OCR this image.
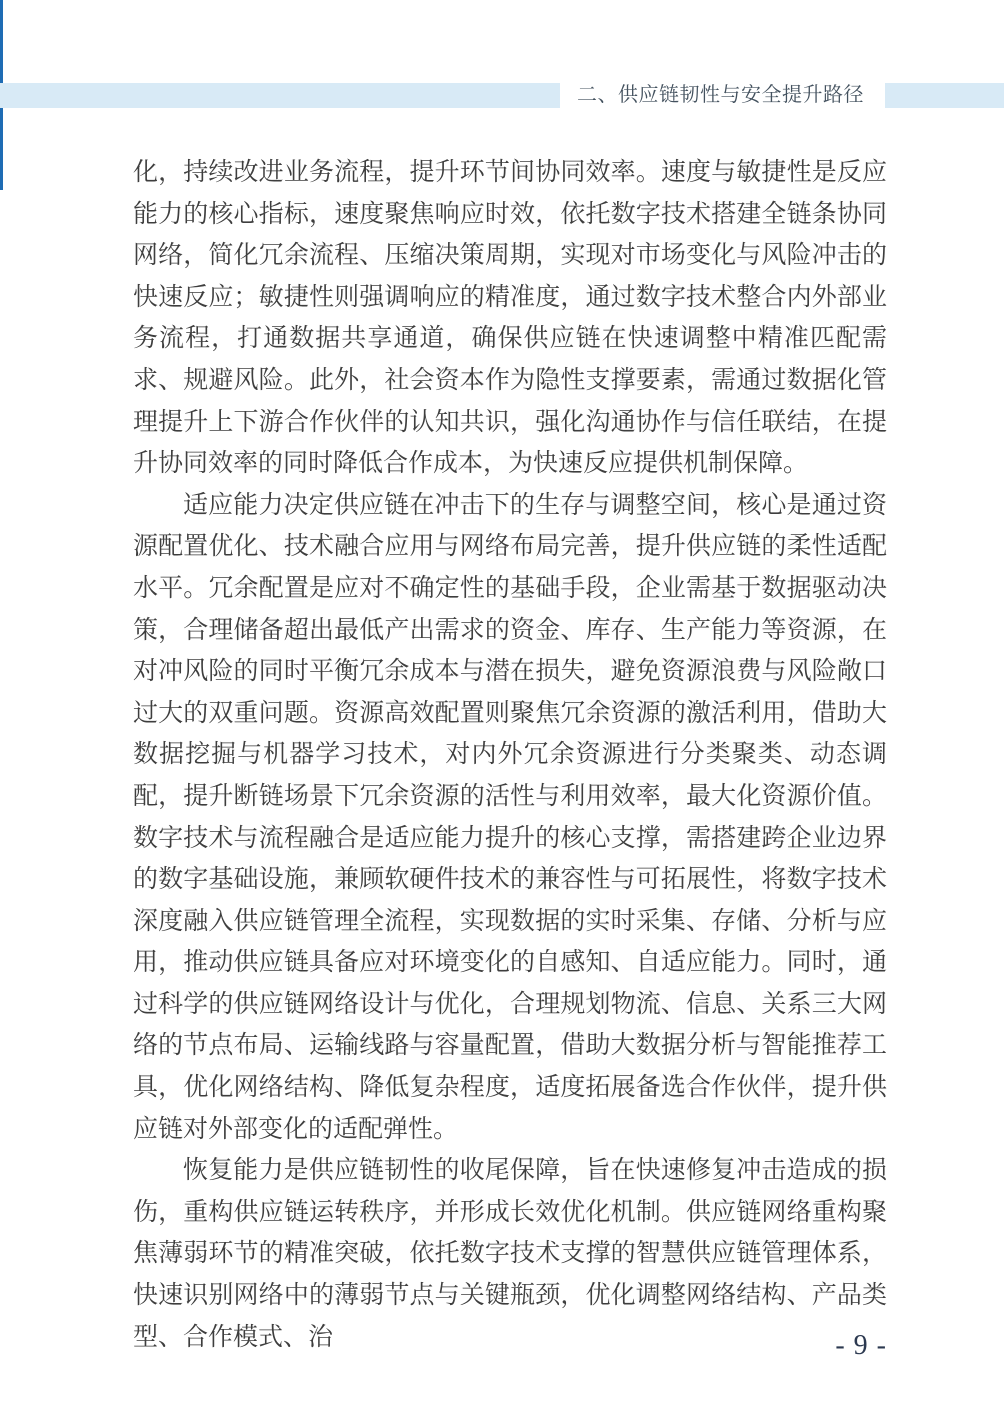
二、供应链韧性与安全提升路径

化，持续改进业务流程，提升环节间协同效率。速度与敏捷性是反应能力的核心指标，速度聚焦响应时效，依托数字技术搭建全链条协同网络，简化冗余流程、压缩决策周期，实现对市场变化与风险冲击的快速反应；敏捷性则强调响应的精准度，通过数字技术整合内外部业务流程，打通数据共享通道，确保供应链在快速调整中精准匹配需求、规避风险。此外，社会资本作为隐性支撑要素，需通过数据化管理提升上下游合作伙伴的认知共识，强化沟通协作与信任联结，在提升协同效率的同时降低合作成本，为快速反应提供机制保障。

适应能力决定供应链在冲击下的生存与调整空间，核心是通过资源配置优化、技术融合应用与网络布局完善，提升供应链的柔性适配水平。冗余配置是应对不确定性的基础手段，企业需基于数据驱动决策，合理储备超出最低产出需求的资金、库存、生产能力等资源，在对冲风险的同时平衡冗余成本与潜在损失，避免资源浪费与风险敞口过大的双重问题。资源高效配置则聚焦冗余资源的激活利用，借助大数据挖掘与机器学习技术，对内外冗余资源进行分类聚类、动态调配，提升断链场景下冗余资源的活性与利用效率，最大化资源价值。数字技术与流程融合是适应能力提升的核心支撑，需搭建跨企业边界的数字基础设施，兼顾软硬件技术的兼容性与可拓展性，将数字技术深度融入供应链管理全流程，实现数据的实时采集、存储、分析与应用，推动供应链具备应对环境变化的自感知、自适应能力。同时，通过科学的供应链网络设计与优化，合理规划物流、信息、关系三大网络的节点布局、运输线路与容量配置，借助大数据分析与智能推荐工具，优化网络结构、降低复杂程度，适度拓展备选合作伙伴，提升供应链对外部变化的适配弹性。

恢复能力是供应链韧性的收尾保障，旨在快速修复冲击造成的损伤，重构供应链运转秩序，并形成长效优化机制。供应链网络重构聚焦薄弱环节的精准突破，依托数字技术支撑的智慧供应链管理体系，快速识别网络中的薄弱节点与关键瓶颈，优化调整网络结构、产品类型、合作模式、治	- 9 -
